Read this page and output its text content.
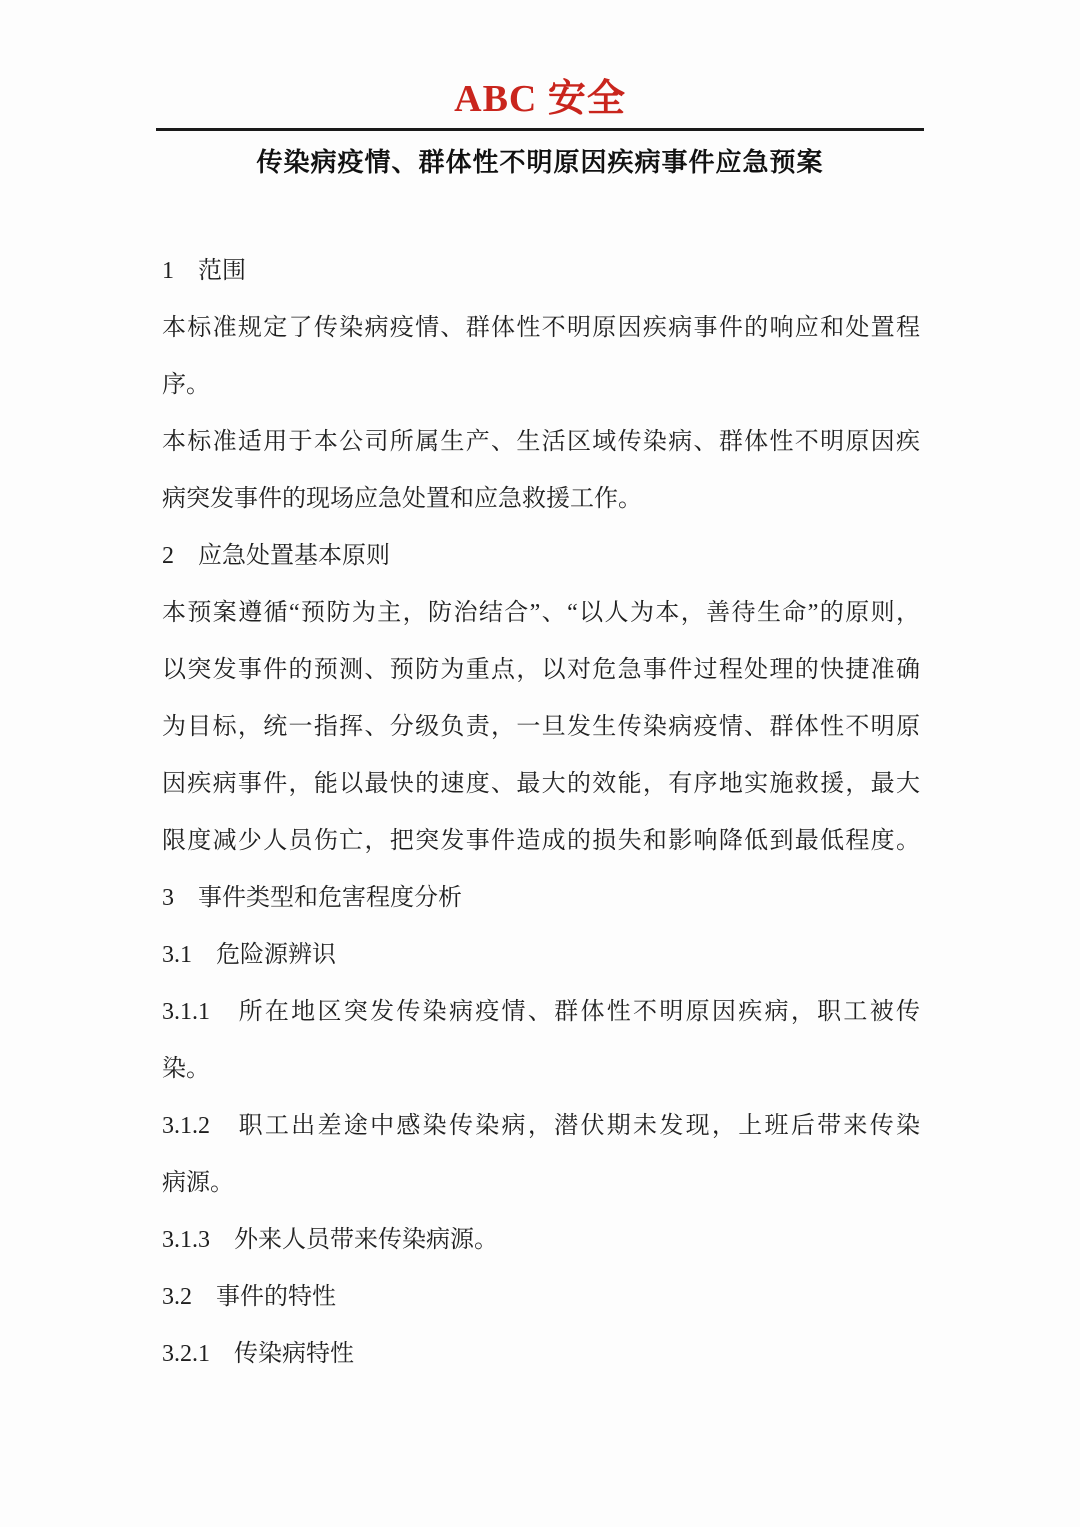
ABC 安全
传染病疫情、群体性不明原因疾病事件应急预案
1　范围
本标准规定了传染病疫情、群体性不明原因疾病事件的响应和处置程
序。
本标准适用于本公司所属生产、生活区域传染病、群体性不明原因疾
病突发事件的现场应急处置和应急救援工作。
2　应急处置基本原则
本预案遵循“预防为主，防治结合”、“以人为本，善待生命”的原则，
以突发事件的预测、预防为重点，以对危急事件过程处理的快捷准确
为目标，统一指挥、分级负责，一旦发生传染病疫情、群体性不明原
因疾病事件，能以最快的速度、最大的效能，有序地实施救援，最大
限度减少人员伤亡，把突发事件造成的损失和影响降低到最低程度。
3　事件类型和危害程度分析
3.1　危险源辨识
3.1.1　所在地区突发传染病疫情、群体性不明原因疾病，职工被传
染。
3.1.2　职工出差途中感染传染病，潜伏期未发现，上班后带来传染
病源。
3.1.3　外来人员带来传染病源。
3.2　事件的特性
3.2.1　传染病特性
